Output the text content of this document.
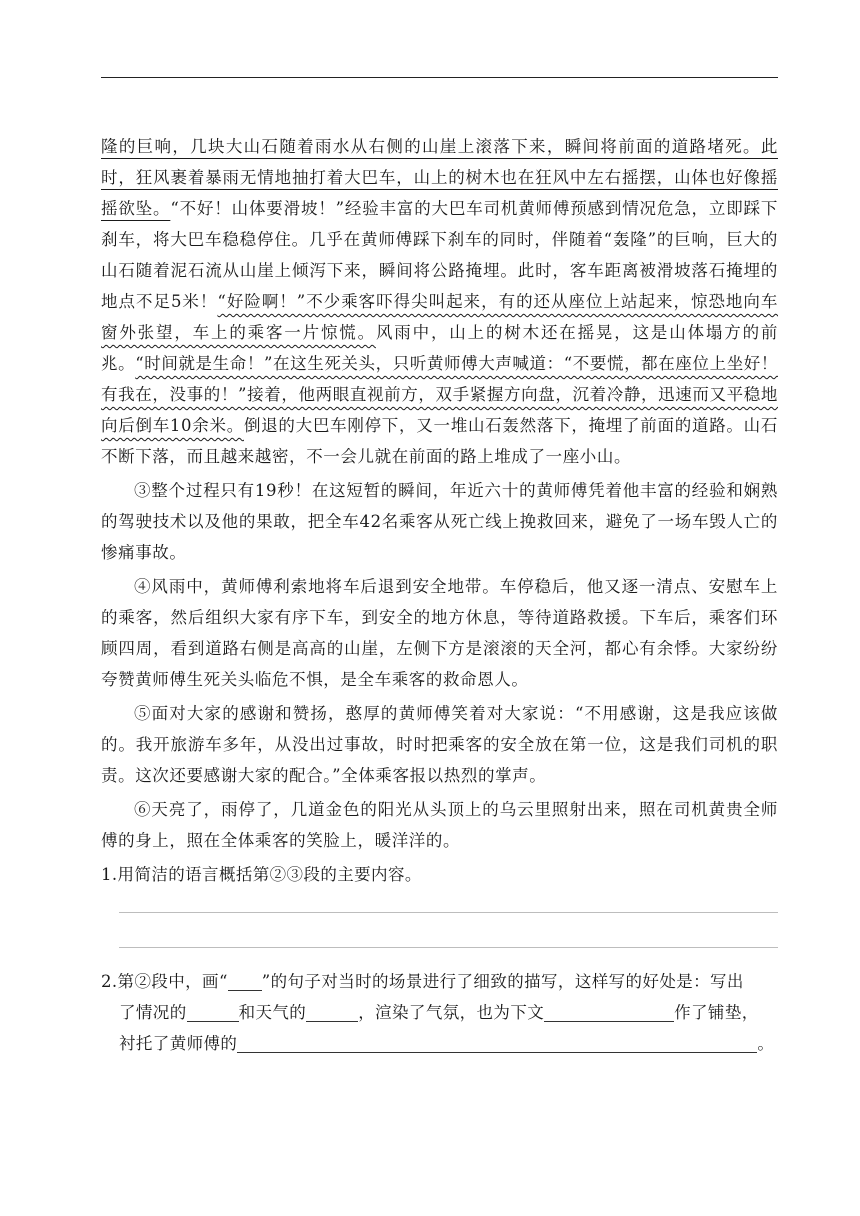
隆的巨响，几块大山石随着雨水从右侧的山崖上滚落下来，瞬间将前面的道路堵死。此时，狂风裹着暴雨无情地抽打着大巴车，山上的树木也在狂风中左右摇摆，山体也好像摇摇欲坠。“不好！山体要滑坡！”经验丰富的大巴车司机黄师傅预感到情况危急，立即踩下刹车，将大巴车稳稳停住。几乎在黄师傅踩下刹车的同时，伴随着“轰隆”的巨响，巨大的山石随着泥石流从山崖上倾泻下来，瞬间将公路掩埋。此时，客车距离被滑坡落石掩埋的地点不足5米！“好险啊！”不少乘客吓得尖叫起来，有的还从座位上站起来，惊恐地向车窗外张望，车上的乘客一片惊慌。风雨中，山上的树木还在摇晃，这是山体塌方的前兆。“时间就是生命！”在这生死关头，只听黄师傅大声喊道：“不要慌，都在座位上坐好！有我在，没事的！”接着，他两眼直视前方，双手紧握方向盘，沉着冷静，迅速而又平稳地向后倒车10余米。倒退的大巴车刚停下，又一堆山石轰然落下，掩埋了前面的道路。山石不断下落，而且越来越密，不一会儿就在前面的路上堆成了一座小山。

③整个过程只有19秒！在这短暂的瞬间，年近六十的黄师傅凭着他丰富的经验和娴熟的驾驶技术以及他的果敢，把全车42名乘客从死亡线上挽救回来，避免了一场车毁人亡的惨痛事故。

④风雨中，黄师傅利索地将车后退到安全地带。车停稳后，他又逐一清点、安慰车上的乘客，然后组织大家有序下车，到安全的地方休息，等待道路救援。下车后，乘客们环顾四周，看到道路右侧是高高的山崖，左侧下方是滚滚的天全河，都心有余悸。大家纷纷夸赞黄师傅生死关头临危不惧，是全车乘客的救命恩人。

⑤面对大家的感谢和赞扬，憨厚的黄师傅笑着对大家说：“不用感谢，这是我应该做的。我开旅游车多年，从没出过事故，时时把乘客的安全放在第一位，这是我们司机的职责。这次还要感谢大家的配合。”全体乘客报以热烈的掌声。

⑥天亮了，雨停了，几道金色的阳光从头顶上的乌云里照射出来，照在司机黄贵全师傅的身上，照在全体乘客的笑脸上，暖洋洋的。

1.用简洁的语言概括第②③段的主要内容。

2.第②段中，画“ ”的句子对当时的场景进行了细致的描写，这样写的好处是：写出

了情况的	和天气的	，渲染了气氛，也为下文	作了铺垫，

衬托了黄师傅的	。
